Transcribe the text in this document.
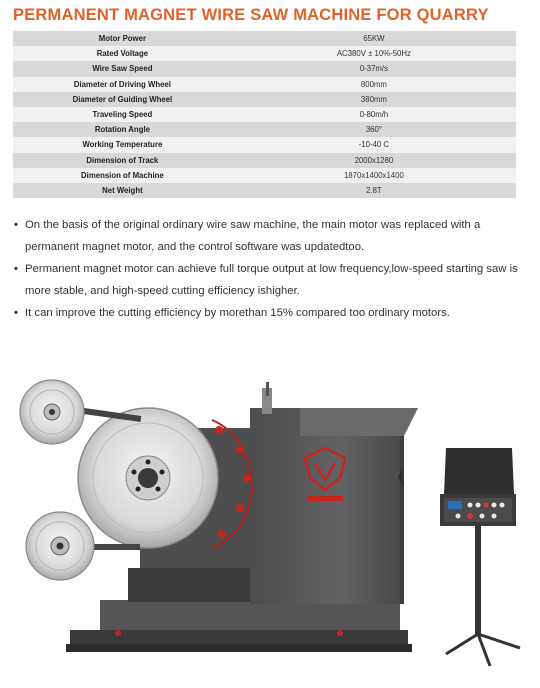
PERMANENT MAGNET WIRE SAW MACHINE FOR QUARRY
Motor Power	65KW
Rated Voltage	AC380V ± 10%-50Hz
Wire Saw Speed	0-37m/s
Diameter of Driving Wheel	800mm
Diameter of Guiding Wheel	380mm
Traveling Speed	0-80m/h
Rotation Angle	360°
Working Temperature	-10-40 C
Dimension of Track	2000x1280
Dimension of Machine	1870x1400x1400
Net Weight	2.8T
• On the basis of the original ordinary wire saw machine, the main motor was replaced with a permanent magnet motor, and the control software was updatedtoo.
• Permanent magnet motor can achieve full torque output at low frequency,low-speed starting saw is more stable, and high-speed cutting efficiency ishigher.
• It can improve the cutting efficiency by morethan 15% compared too ordinary motors.
